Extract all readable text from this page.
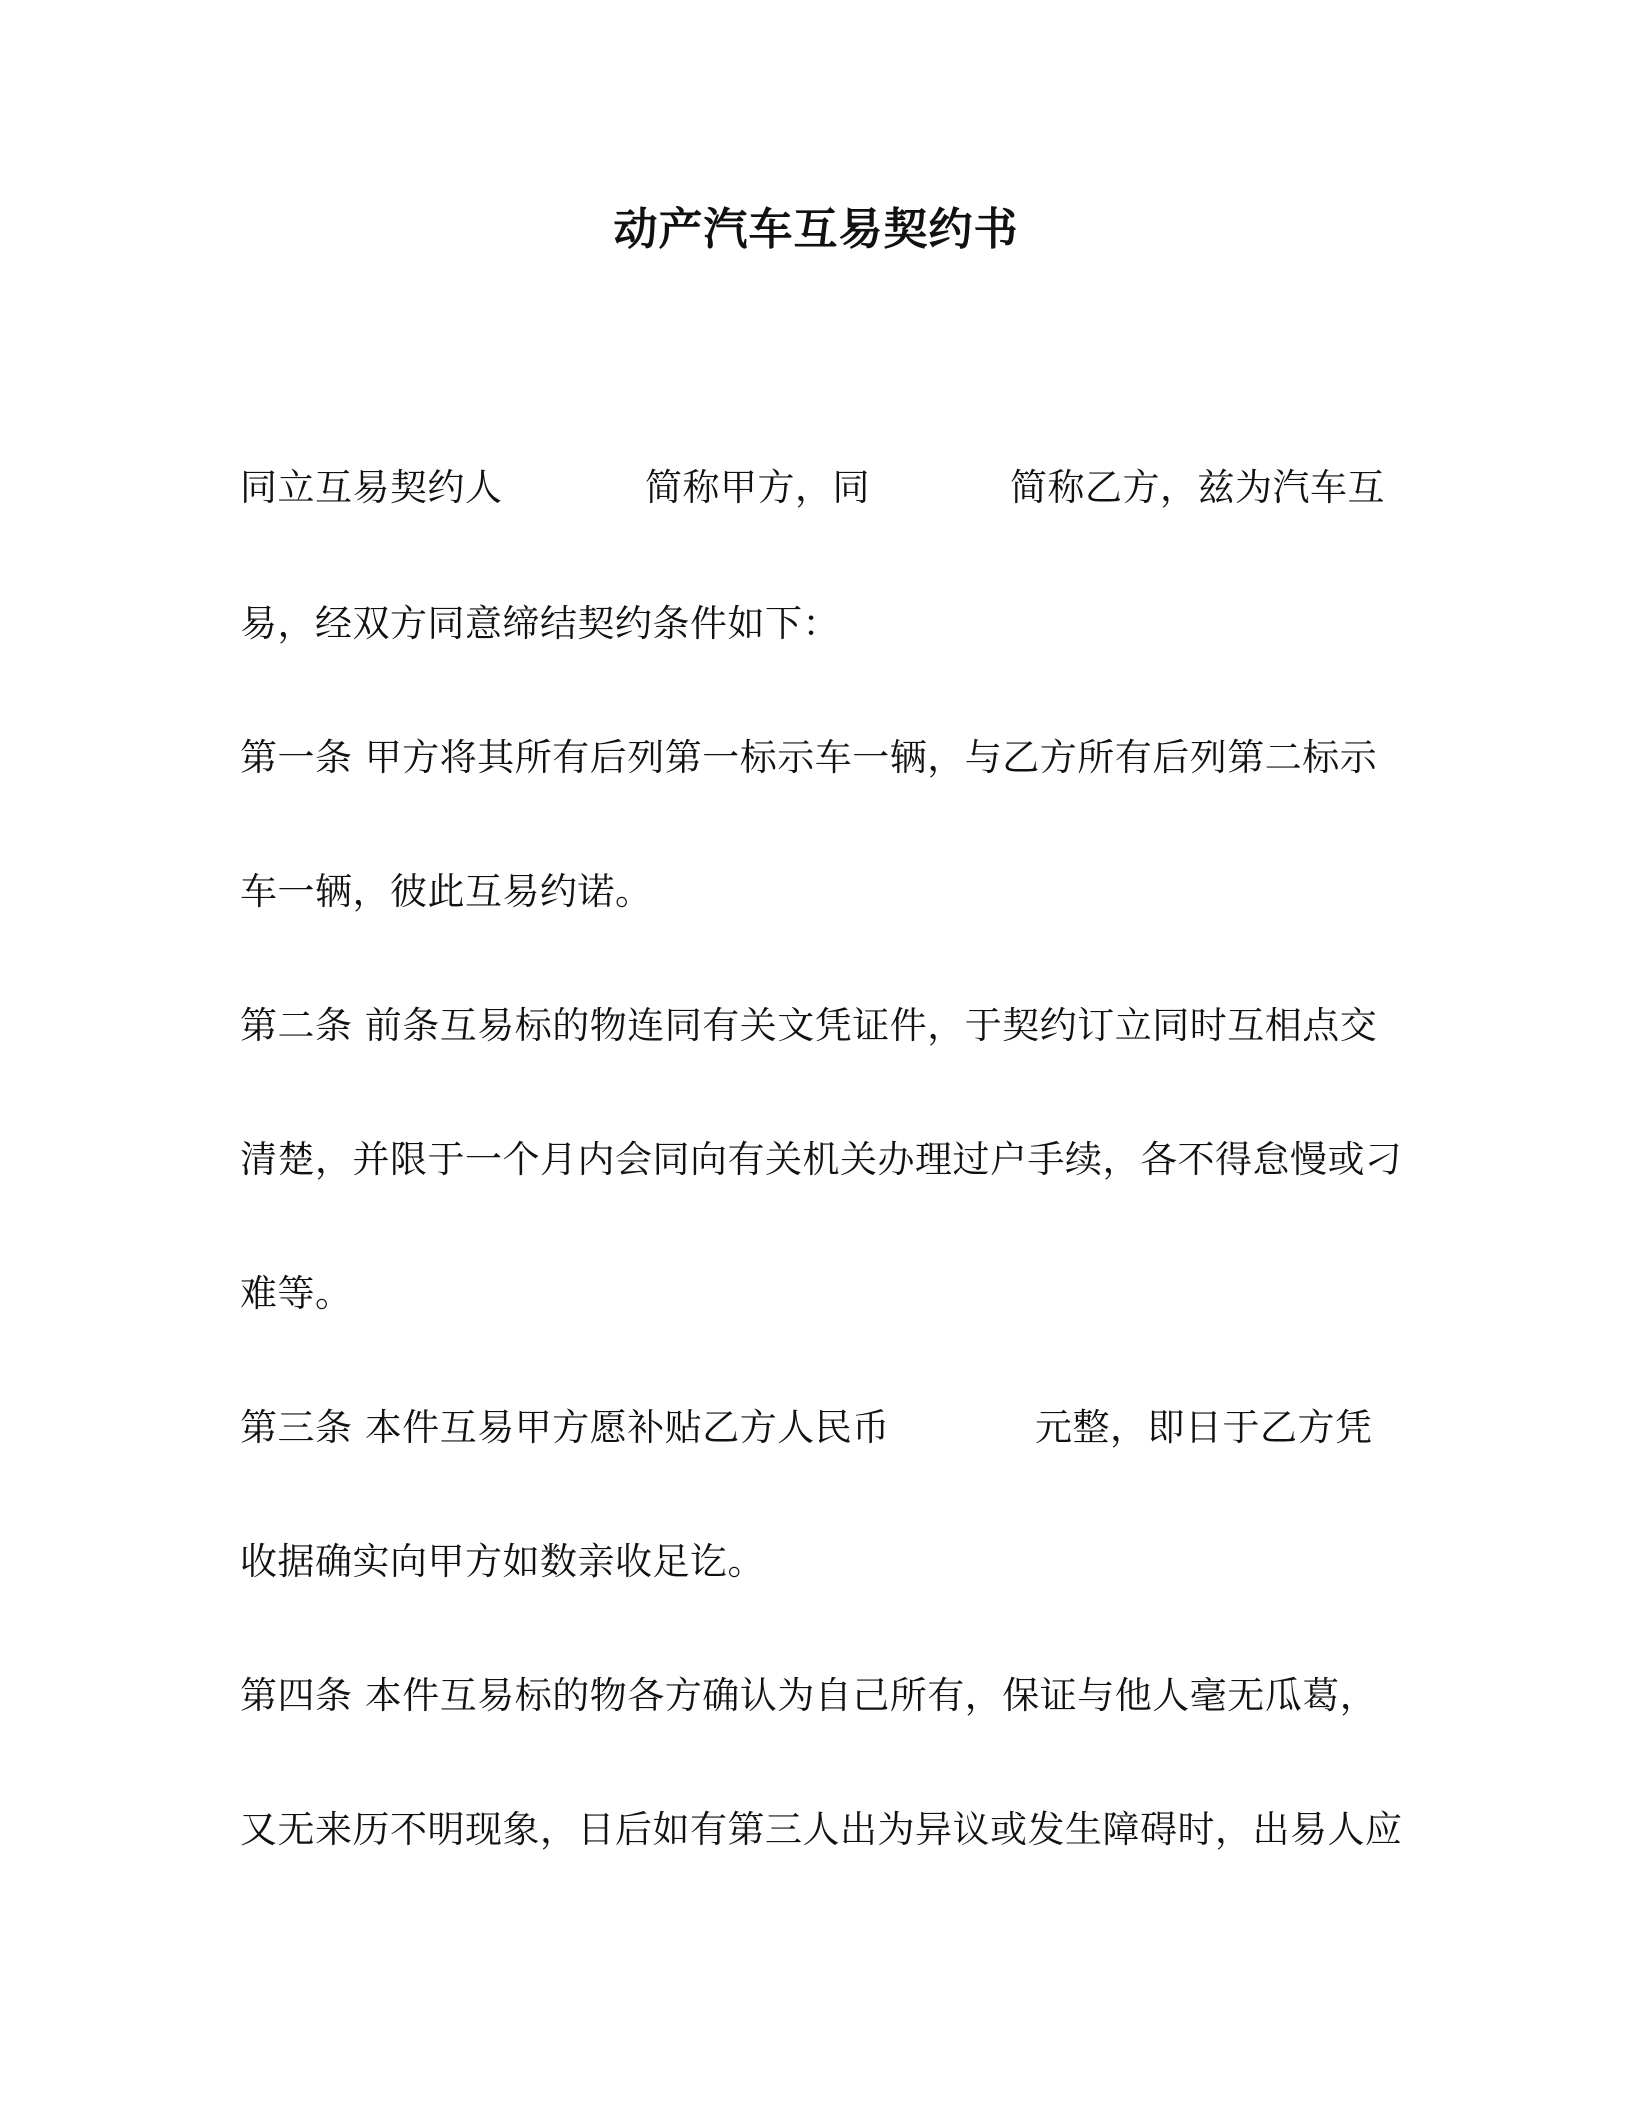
动产汽车互易契约书
同立互易契约人	简称甲方，同	简称乙方，兹为汽车互
易，经双方同意缔结契约条件如下：
第一条 甲方将其所有后列第一标示车一辆，与乙方所有后列第二标示
车一辆，彼此互易约诺。
第二条 前条互易标的物连同有关文凭证件，于契约订立同时互相点交
清楚，并限于一个月内会同向有关机关办理过户手续，各不得怠慢或刁
难等。
第三条 本件互易甲方愿补贴乙方人民币	元整，即日于乙方凭
收据确实向甲方如数亲收足讫。
第四条 本件互易标的物各方确认为自己所有，保证与他人毫无瓜葛，
又无来历不明现象，日后如有第三人出为异议或发生障碍时，出易人应
